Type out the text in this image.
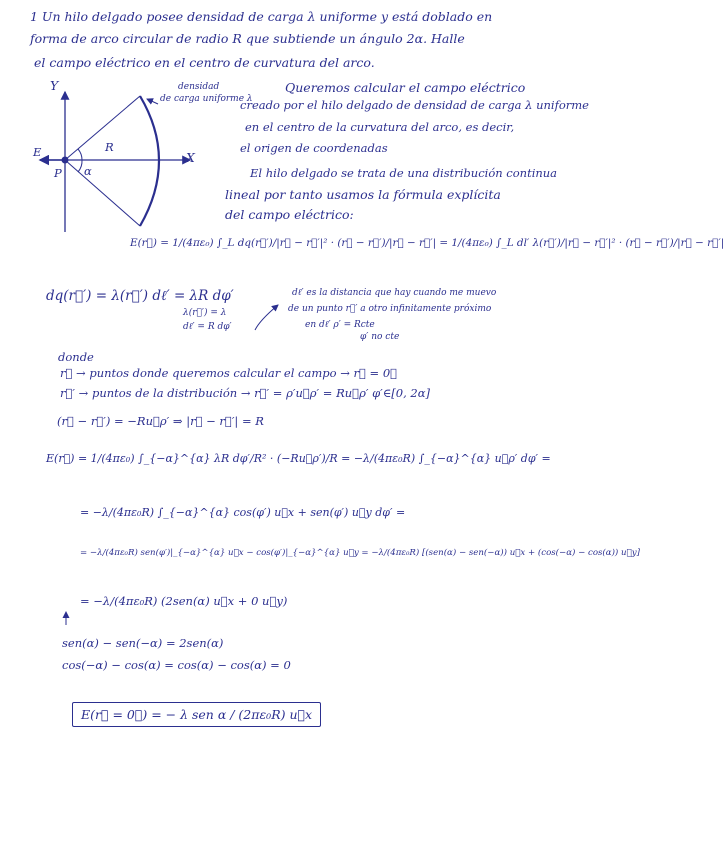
1 Un hilo delgado posee densidad de carga λ uniforme y está doblado en
forma de arco circular de radio R que subtiende un ángulo 2α. Halle
el campo eléctrico en el centro de curvatura del arco.
Y
X
R
P α
E
densidad
de carga uniforme λ
Queremos calcular el campo eléctrico
creado por el hilo delgado de densidad de carga λ uniforme
en el centro de la curvatura del arco, es decir,
el origen de coordenadas
El hilo delgado se trata de una distribución continua
lineal por tanto usamos la fórmula explícita
del campo eléctrico:
E(r⃗) = 1/(4πε₀) ∫_L dq(r⃗′)/|r⃗ − r⃗′|² · (r⃗ − r⃗′)/|r⃗ − r⃗′| = 1/(4πε₀) ∫_L dl′ λ(r⃗′)/|r⃗ − r⃗′|² · (r⃗ − r⃗′)/|r⃗ − r⃗′|
dq(r⃗′) = λ(r⃗′) dℓ′ = λR dφ′
λ(r⃗′) = λ
dℓ′ = R dφ′
dℓ′ es la distancia que hay cuando me muevo
de un punto r⃗′ a otro infinitamente próximo
en dℓ′ ρ′ = Rcte
φ′ no cte
donde
r⃗ → puntos donde queremos calcular el campo → r⃗ = 0⃗
r⃗′ → puntos de la distribución → r⃗′ = ρ′u⃗ρ′ = Ru⃗ρ′ φ′∈[0, 2α]
(r⃗ − r⃗′) = −Ru⃗ρ′ ⇒ |r⃗ − r⃗′| = R
E(r⃗) = 1/(4πε₀) ∫_{−α}^{α} λR dφ′/R² · (−Ru⃗ρ′)/R = −λ/(4πε₀R) ∫_{−α}^{α} u⃗ρ′ dφ′ =
= −λ/(4πε₀R) ∫_{−α}^{α} cos(φ′) u⃗x + sen(φ′) u⃗y dφ′ =
= −λ/(4πε₀R) sen(φ′)|_{−α}^{α} u⃗x − cos(φ′)|_{−α}^{α} u⃗y = −λ/(4πε₀R) [(sen(α) − sen(−α)) u⃗x + (cos(−α) − cos(α)) u⃗y]
= −λ/(4πε₀R) (2sen(α) u⃗x + 0 u⃗y)
sen(α) − sen(−α) = 2sen(α)
cos(−α) − cos(α) = cos(α) − cos(α) = 0
E(r⃗ = 0⃗) = − λ sen α / (2πε₀R) u⃗x
